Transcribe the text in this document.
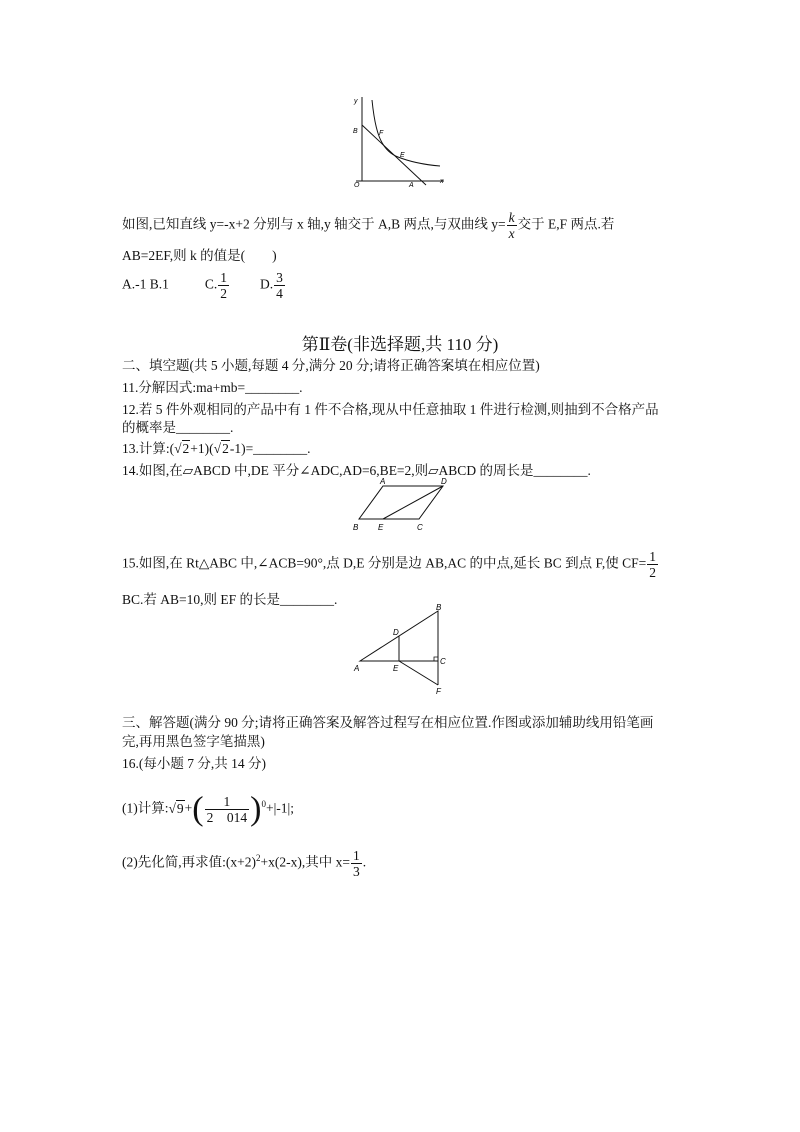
y
B	F
E
O	A
x
如图,已知直线 y=-x+2 分别与 x 轴,y 轴交于 A,B 两点,与双曲线 $y= \frac{k}{x}$ 交于 E,F 两点.若
AB=2EF,则 k 的值是(　　)
A.-1 B.1	C. $\frac{1}{2} D$. $\frac{3}{4}$
第Ⅱ卷(非选择题,共 110 分)
二、填空题(共 5 小题,每题 4 分,满分 20 分;请将正确答案填在相应位置)
11.分解因式:ma+mb=________.
12.若 5 件外观相同的产品中有 1 件不合格,现从中任意抽取 1 件进行检测,则抽到不合格产品
的概率是________.
13.计算:(√2+1)(√2-1)=________.
14.如图,在▱ABCD 中,DE 平分∠ADC,AD=6,BE=2,则▱ABCD 的周长是________.
A	D
B E	C
15.如图,在 Rt△ABC 中,∠ACB=90°,点 D,E 分别是边 AB,AC 的中点,延长 BC 到点 F,使 $CF= \frac{1}{2}$
BC.若 AB=10,则 EF 的长是________.
B
D
C
A	E
F
三、解答题(满分 90 分;请将正确答案及解答过程写在相应位置.作图或添加辅助线用铅笔画
完,再用黑色签字笔描黑)
16.(每小题 7 分,共 14 分)
(1)计算:√9+( $\frac{1}{2 014} )^0+|-1|$;
(2)先化简,再求值$:(x+2)^2+x(2-x)$,其中 $x= \frac{1}{3}$ .
